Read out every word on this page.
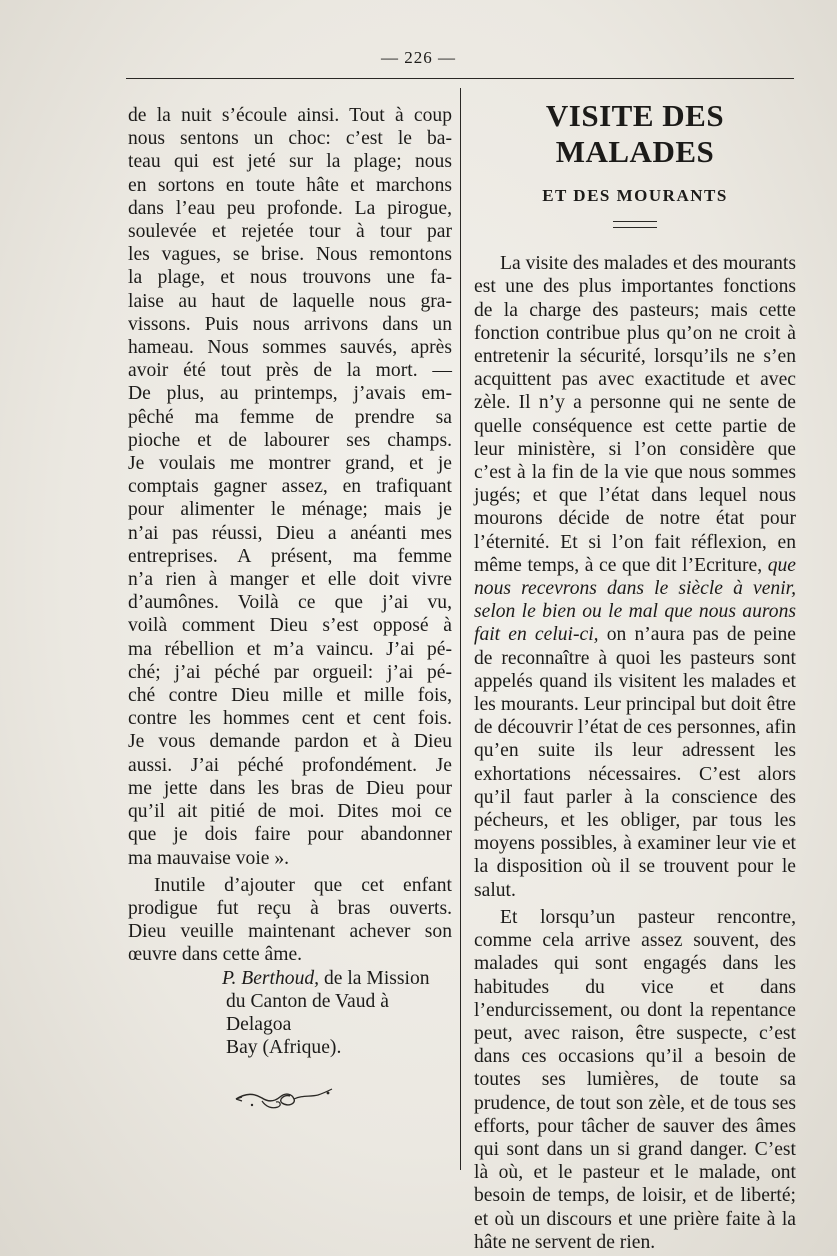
— 226 —

de la nuit s’écoule ainsi. Tout à coup
nous sentons un choc: c’est le ba-
teau qui est jeté sur la plage; nous
en sortons en toute hâte et marchons
dans l’eau peu profonde. La pirogue,
soulevée et rejetée tour à tour par
les vagues, se brise. Nous remontons
la plage, et nous trouvons une fa-
laise au haut de laquelle nous gra-
vissons. Puis nous arrivons dans un
hameau. Nous sommes sauvés, après
avoir été tout près de la mort. —
De plus, au printemps, j’avais em-
pêché ma femme de prendre sa
pioche et de labourer ses champs.
Je voulais me montrer grand, et je
comptais gagner assez, en trafiquant
pour alimenter le ménage; mais je
n’ai pas réussi, Dieu a anéanti mes
entreprises. A présent, ma femme
n’a rien à manger et elle doit vivre
d’aumônes. Voilà ce que j’ai vu,
voilà comment Dieu s’est opposé à
ma rébellion et m’a vaincu. J’ai pé-
ché; j’ai péché par orgueil: j’ai pé-
ché contre Dieu mille et mille fois,
contre les hommes cent et cent fois.
Je vous demande pardon et à Dieu
aussi. J’ai péché profondément. Je
me jette dans les bras de Dieu pour
qu’il ait pitié de moi. Dites moi ce
que je dois faire pour abandonner
ma mauvaise voie ».

Inutile d’ajouter que cet enfant
prodigue fut reçu à bras ouverts.
Dieu veuille maintenant achever son
œuvre dans cette âme.

P. Berthoud, de la Mission
du Canton de Vaud à Delagoa
Bay (Afrique).

VISITE DES MALADES
ET DES MOURANTS

La visite des malades et des mourants est une des plus importantes fonctions de la charge des pasteurs; mais cette fonction contribue plus qu’on ne croit à entretenir la sécurité, lorsqu’ils ne s’en acquittent pas avec exactitude et avec zèle. Il n’y a personne qui ne sente de quelle conséquence est cette partie de leur ministère, si l’on considère que c’est à la fin de la vie que nous sommes jugés; et que l’état dans lequel nous mourons décide de notre état pour l’éternité. Et si l’on fait réflexion, en même temps, à ce que dit l’Ecriture, que nous recevrons dans le siècle à venir, selon le bien ou le mal que nous aurons fait en celui-ci, on n’aura pas de peine de reconnaître à quoi les pasteurs sont appelés quand ils visitent les malades et les mourants. Leur principal but doit être de découvrir l’état de ces personnes, afin qu’en suite ils leur adressent les exhortations nécessaires. C’est alors qu’il faut parler à la conscience des pécheurs, et les obliger, par tous les moyens possibles, à examiner leur vie et la disposition où il se trouvent pour le salut.

Et lorsqu’un pasteur rencontre, comme cela arrive assez souvent, des malades qui sont engagés dans les habitudes du vice et dans l’endurcissement, ou dont la repentance peut, avec raison, être suspecte, c’est dans ces occasions qu’il a besoin de toutes ses lumières, de toute sa prudence, de tout son zèle, et de tous ses efforts, pour tâcher de sauver des âmes qui sont dans un si grand danger. C’est là où, et le pasteur et le malade, ont besoin de temps, de loisir, et de liberté; et où un discours et une prière faite à la hâte ne servent de rien.
